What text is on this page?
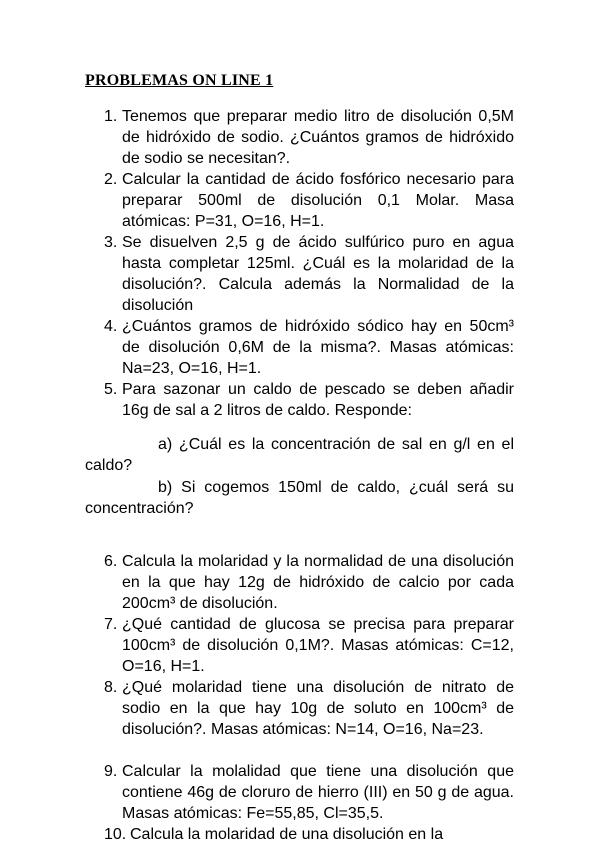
PROBLEMAS ON LINE 1
1. Tenemos que preparar medio litro de disolución 0,5M de hidróxido de sodio. ¿Cuántos gramos de hidróxido de sodio se necesitan?.
2. Calcular la cantidad de ácido fosfórico necesario para preparar 500ml de disolución 0,1 Molar. Masa atómicas: P=31, O=16, H=1.
3. Se disuelven 2,5 g de ácido sulfúrico puro en agua hasta completar 125ml. ¿Cuál es la molaridad de la disolución?. Calcula además la Normalidad de la disolución
4. ¿Cuántos gramos de hidróxido sódico hay en 50cm³ de disolución 0,6M de la misma?. Masas atómicas: Na=23, O=16, H=1.
5. Para sazonar un caldo de pescado se deben añadir 16g de sal a 2 litros de caldo. Responde:
a) ¿Cuál es la concentración de sal en g/l en el caldo?
b) Si cogemos 150ml de caldo, ¿cuál será su concentración?
6. Calcula la molaridad y la normalidad de una disolución en la que hay 12g de hidróxido de calcio por cada 200cm³ de disolución.
7. ¿Qué cantidad de glucosa se precisa para preparar 100cm³ de disolución 0,1M?. Masas atómicas: C=12, O=16, H=1.
8. ¿Qué molaridad tiene una disolución de nitrato de sodio en la que hay 10g de soluto en 100cm³ de disolución?. Masas atómicas: N=14, O=16, Na=23.
9. Calcular la molalidad que tiene una disolución que contiene 46g de cloruro de hierro (III) en 50 g de agua. Masas atómicas: Fe=55,85, Cl=35,5.
10. Calcula la molaridad de una disolución en la
